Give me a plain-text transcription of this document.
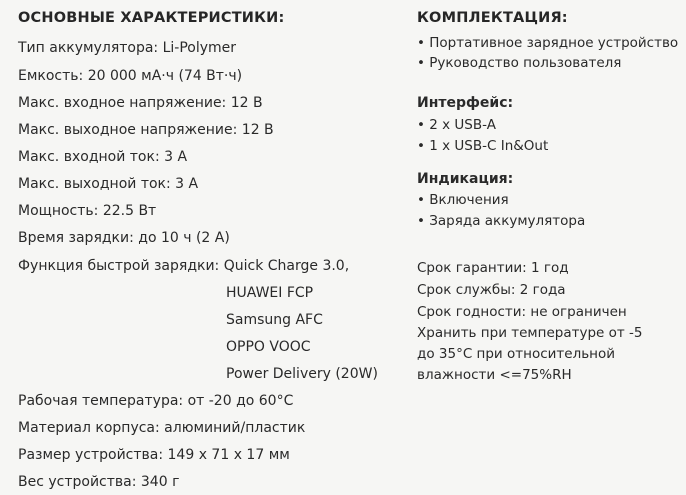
ОСНОВНЫЕ ХАРАКТЕРИСТИКИ:
Тип аккумулятора: Li-Polymer
Емкость: 20 000 мА·ч (74 Вт·ч)
Макс. входное напряжение: 12 В
Макс. выходное напряжение: 12 В
Макс. входной ток: 3 А
Макс. выходной ток: 3 А
Мощность: 22.5 Вт
Время зарядки: до 10 ч (2 А)
Функция быстрой зарядки: Quick Charge 3.0,
HUAWEI FCP
Samsung AFC
OPPO VOOC
Power Delivery (20W)
Рабочая температура: от -20 до 60°С
Материал корпуса: алюминий/пластик
Размер устройства: 149 х 71 х 17 мм
Вес устройства: 340 г
КОМПЛЕКТАЦИЯ:
• Портативное зарядное устройство
• Руководство пользователя
Интерфейс:
• 2 х USB-A
• 1 х USB-C In&Out
Индикация:
• Включения
• Заряда аккумулятора
Срок гарантии: 1 год
Срок службы: 2 года
Срок годности: не ограничен
Хранить при температуре от -5
до 35°С при относительной
влажности <=75%RH
